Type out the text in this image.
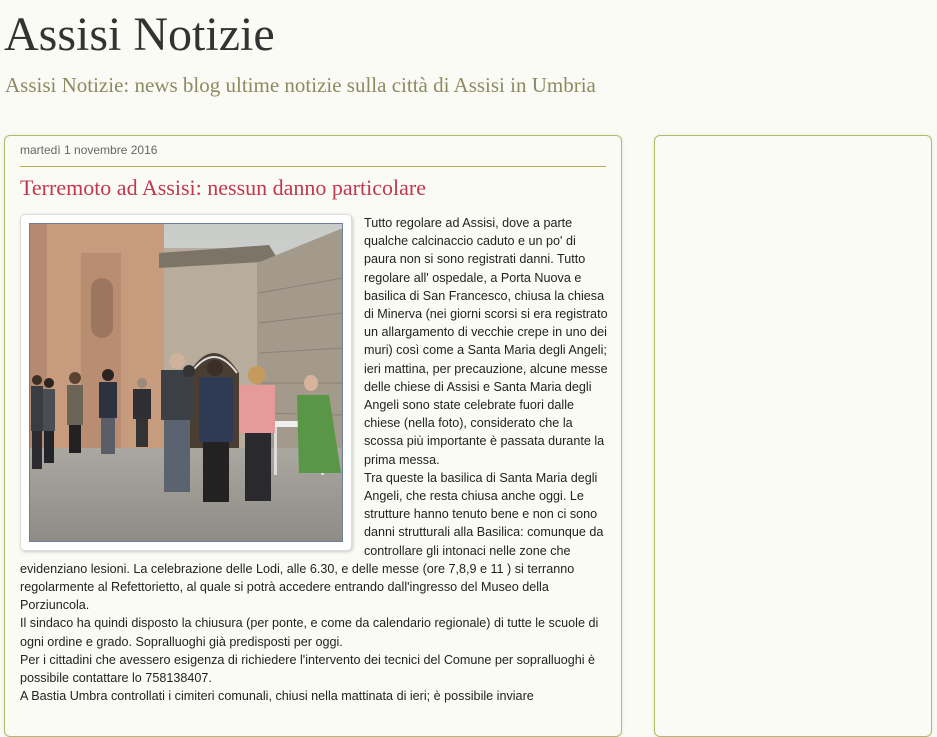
Assisi Notizie
Assisi Notizie: news blog ultime notizie sulla città di Assisi in Umbria
martedì 1 novembre 2016
Terremoto ad Assisi: nessun danno particolare

Tutto regolare ad Assisi, dove a parte qualche calcinaccio caduto e un po' di paura non si sono registrati danni. Tutto regolare all' ospedale, a Porta Nuova e basilica di San Francesco, chiusa la chiesa di Minerva (nei giorni scorsi si era registrato un allargamento di vecchie crepe in uno dei muri) così come a Santa Maria degli Angeli; ieri mattina, per precauzione, alcune messe delle chiese di Assisi e Santa Maria degli Angeli sono state celebrate fuori dalle chiese (nella foto), considerato che la scossa più importante è passata durante la prima messa.

Tra queste la basilica di Santa Maria degli Angeli, che resta chiusa anche oggi. Le strutture hanno tenuto bene e non ci sono danni strutturali alla Basilica: comunque da controllare gli intonaci nelle zone che evidenziano lesioni. La celebrazione delle Lodi, alle 6.30, e delle messe (ore 7,8,9 e 11 ) si terranno regolarmente al Refettorietto, al quale si potrà accedere entrando dall'ingresso del Museo della Porziuncola.

Il sindaco ha quindi disposto la chiusura (per ponte, e come da calendario regionale) di tutte le scuole di ogni ordine e grado. Sopralluoghi già predisposti per oggi.

Per i cittadini che avessero esigenza di richiedere l'intervento dei tecnici del Comune per sopralluoghi è possibile contattare lo 758138407.

A Bastia Umbra controllati i cimiteri comunali, chiusi nella mattinata di ieri; è possibile inviare
